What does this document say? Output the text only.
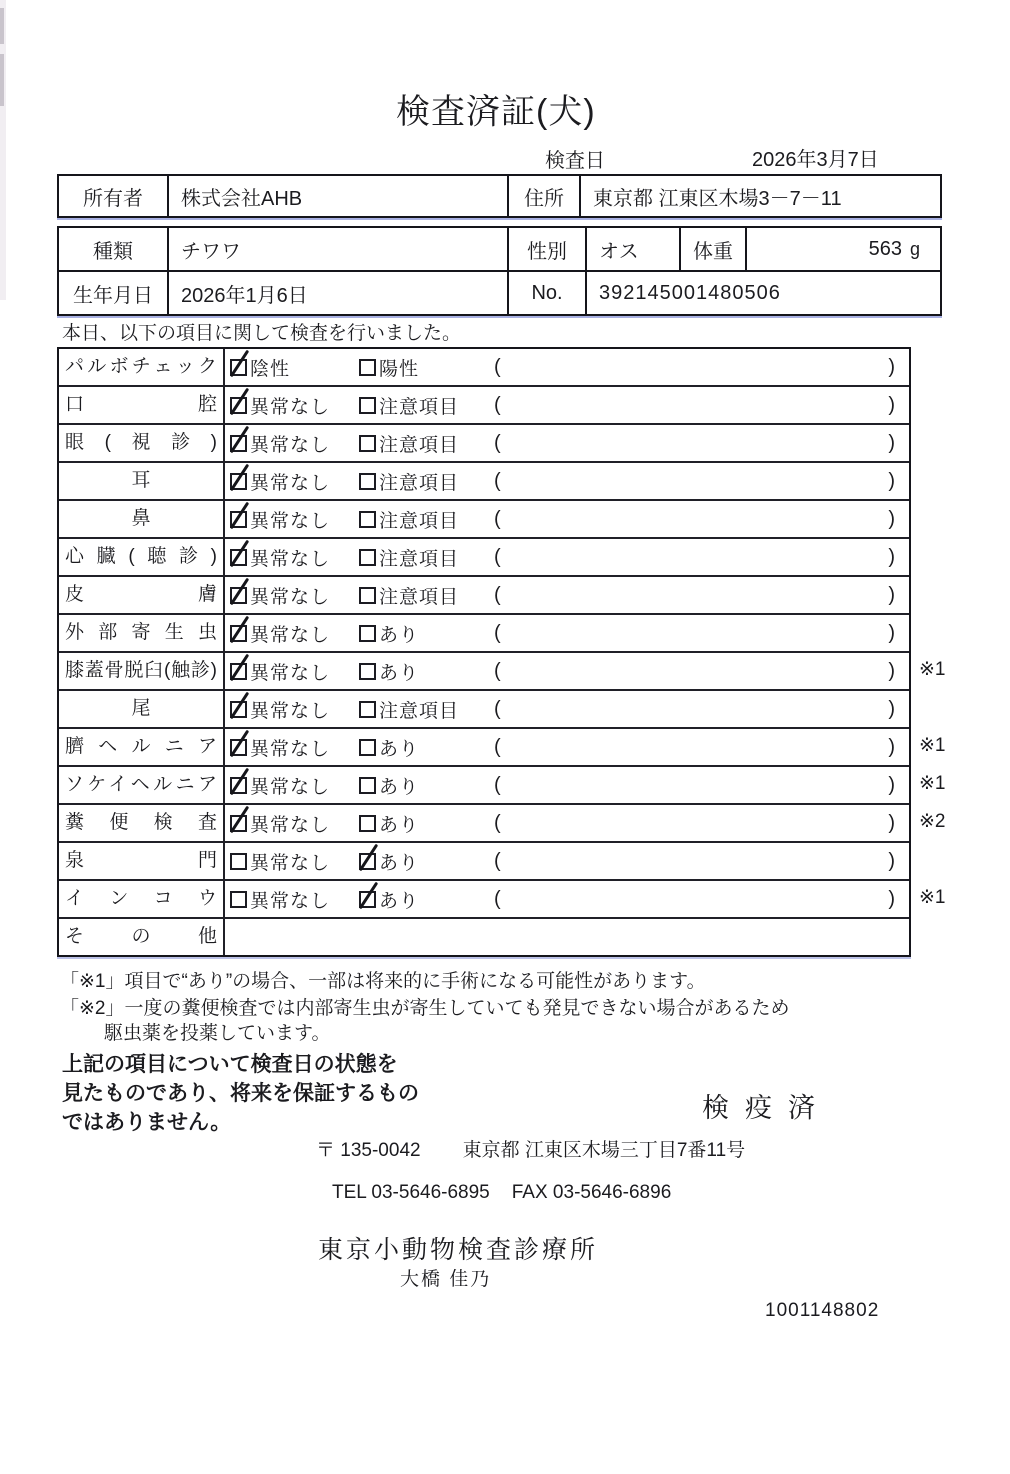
検査済証(犬)
検査日	2026年3月7日
所有者	株式会社AHB	住所	東京都 江東区木場3－7－11
種類	チワワ	性別	オス	体重	563 g
生年月日	2026年1月6日	No.	392145001480506
本日、以下の項目に関して検査を行いました。
パルボチェック	陰性	陽性	(	)
口腔	異常なし	注意項目 (	)
眼(視診)	異常なし	注意項目 (	)
耳	異常なし	注意項目 (	)
鼻	異常なし	注意項目 (	)
心臓(聴診)	異常なし	注意項目 (	)
皮膚	異常なし	注意項目 (	)
外部寄生虫	異常なし	あり	(	)
膝蓋骨脱臼(触診)	異常なし	あり	(	) ※1
尾	異常なし	注意項目 (	)
臍ヘルニア	異常なし	あり	(	) ※1
ソケイヘルニア	異常なし	あり	(	) ※1
糞便検査	異常なし	あり	(	) ※2
泉門	異常なし	あり	(	)
インコウ	異常なし	あり	(	) ※1
その他
「※1」項目で“あり”の場合、一部は将来的に手術になる可能性があります。
「※2」一度の糞便検査では内部寄生虫が寄生していても発見できない場合があるため
駆虫薬を投薬しています。
上記の項目について検査日の状態を
見たものであり、将来を保証するもの
ではありません。	検疫済
〒 135-0042 東京都 江東区木場三丁目7番11号
TEL 03-5646-6895 FAX 03-5646-6896
東京小動物検査診療所
大橋 佳乃
1001148802
